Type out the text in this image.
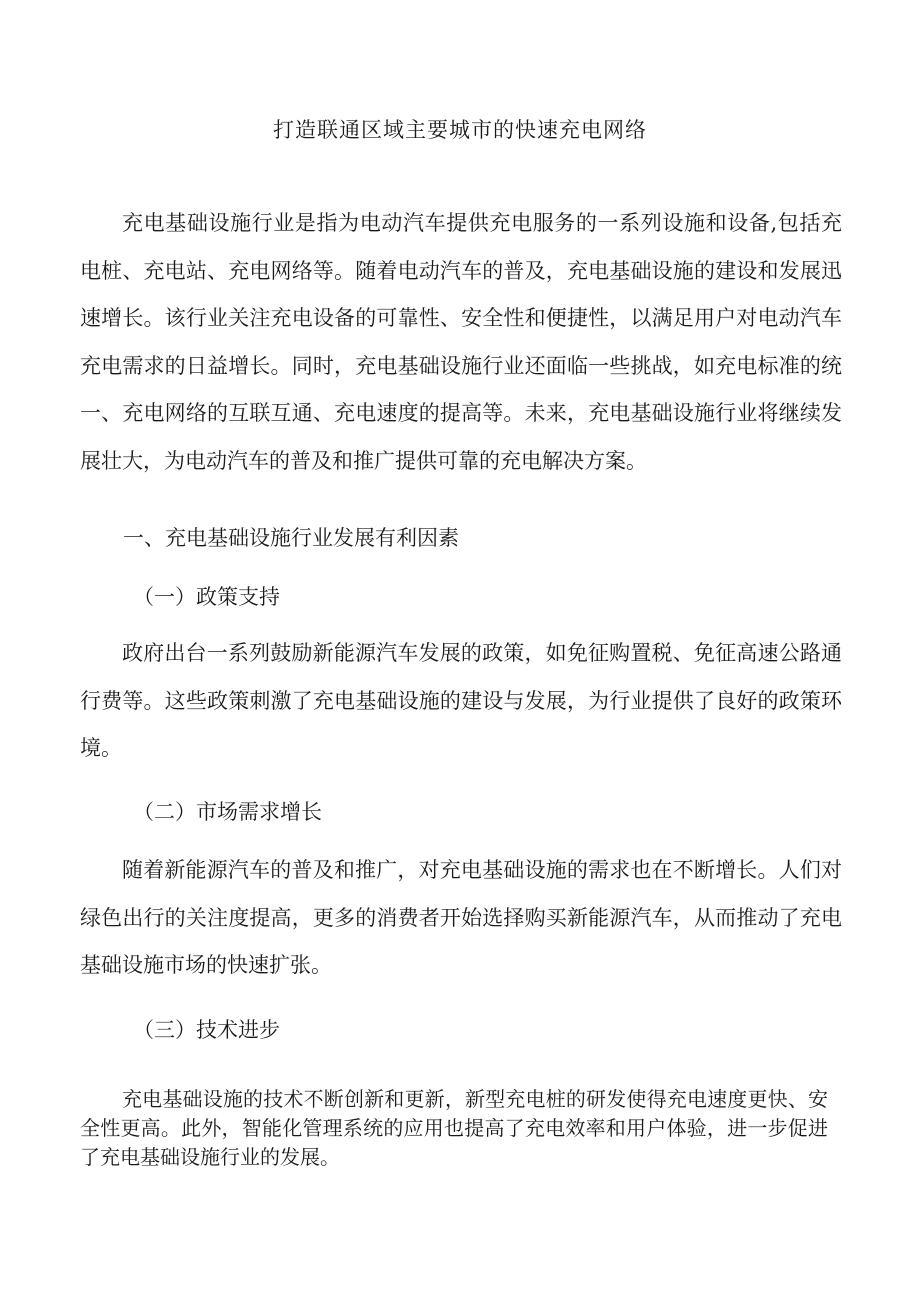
打造联通区域主要城市的快速充电网络

充电基础设施行业是指为电动汽车提供充电服务的一系列设施和设备,包括充电桩、充电站、充电网络等。随着电动汽车的普及，充电基础设施的建设和发展迅速增长。该行业关注充电设备的可靠性、安全性和便捷性，以满足用户对电动汽车充电需求的日益增长。同时，充电基础设施行业还面临一些挑战，如充电标准的统一、充电网络的互联互通、充电速度的提高等。未来，充电基础设施行业将继续发展壮大，为电动汽车的普及和推广提供可靠的充电解决方案。

一、充电基础设施行业发展有利因素
（一）政策支持

政府出台一系列鼓励新能源汽车发展的政策，如免征购置税、免征高速公路通行费等。这些政策刺激了充电基础设施的建设与发展，为行业提供了良好的政策环境。

（二）市场需求增长

随着新能源汽车的普及和推广，对充电基础设施的需求也在不断增长。人们对绿色出行的关注度提高，更多的消费者开始选择购买新能源汽车，从而推动了充电基础设施市场的快速扩张。

（三）技术进步

充电基础设施的技术不断创新和更新，新型充电桩的研发使得充电速度更快、安全性更高。此外，智能化管理系统的应用也提高了充电效率和用户体验，进一步促进了充电基础设施行业的发展。
